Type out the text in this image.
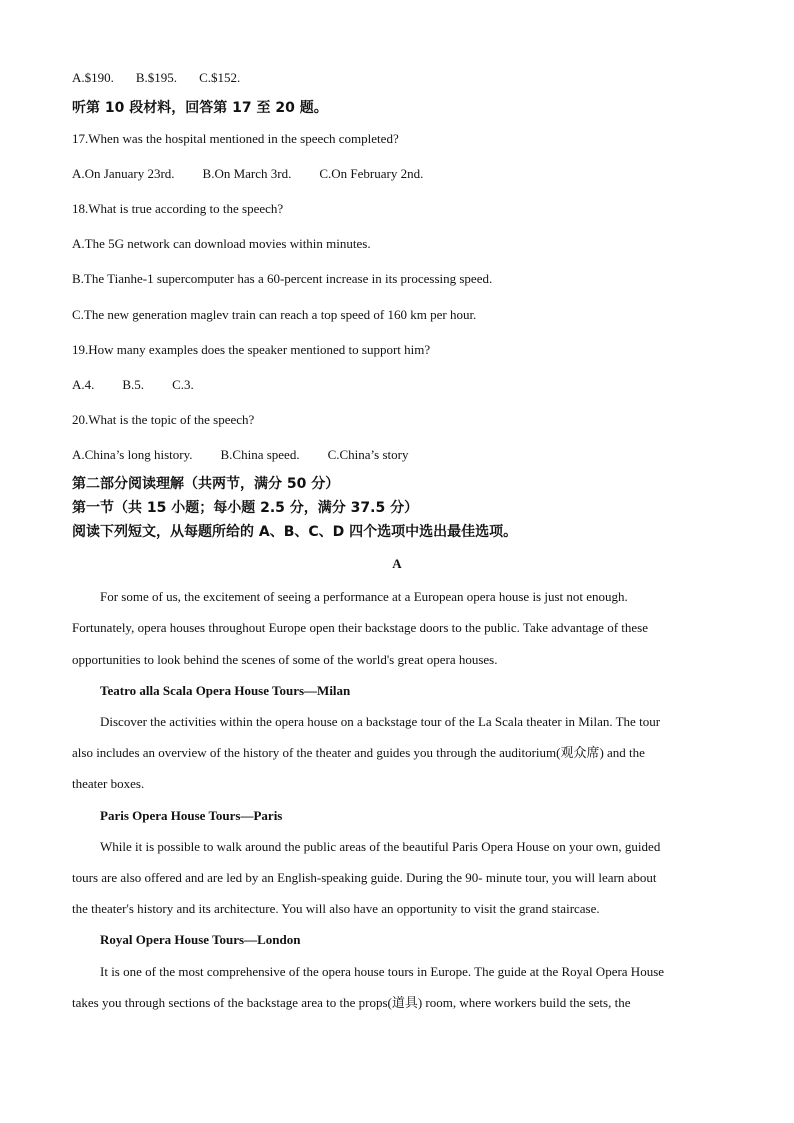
A.$190. B.$195. C.$152.
听第 10 段材料，回答第 17 至 20 题。
17.When was the hospital mentioned in the speech completed?
A.On January 23rd. B.On March 3rd. C.On February 2nd.
18.What is true according to the speech?
A.The 5G network can download movies within minutes.
B.The Tianhe-1 supercomputer has a 60-percent increase in its processing speed.
C.The new generation maglev train can reach a top speed of 160 km per hour.
19.How many examples does the speaker mentioned to support him?
A.4. B.5. C.3.
20.What is the topic of the speech?
A.China’s long history. B.China speed. C.China’s story
第二部分阅读理解（共两节，满分 50 分）
第一节（共 15 小题；每小题 2.5 分，满分 37.5 分）
阅读下列短文，从每题所给的 A、B、C、D 四个选项中选出最佳选项。
A
For some of us, the excitement of seeing a performance at a European opera house is just not enough.
Fortunately, opera houses throughout Europe open their backstage doors to the public. Take advantage of these
opportunities to look behind the scenes of some of the world's great opera houses.
Teatro alla Scala Opera House Tours—Milan
Discover the activities within the opera house on a backstage tour of the La Scala theater in Milan. The tour
also includes an overview of the history of the theater and guides you through the auditorium(观众席) and the
theater boxes.
Paris Opera House Tours—Paris
While it is possible to walk around the public areas of the beautiful Paris Opera House on your own, guided
tours are also offered and are led by an English-speaking guide. During the 90- minute tour, you will learn about
the theater's history and its architecture. You will also have an opportunity to visit the grand staircase.
Royal Opera House Tours—London
It is one of the most comprehensive of the opera house tours in Europe. The guide at the Royal Opera House
takes you through sections of the backstage area to the props(道具) room, where workers build the sets, the
